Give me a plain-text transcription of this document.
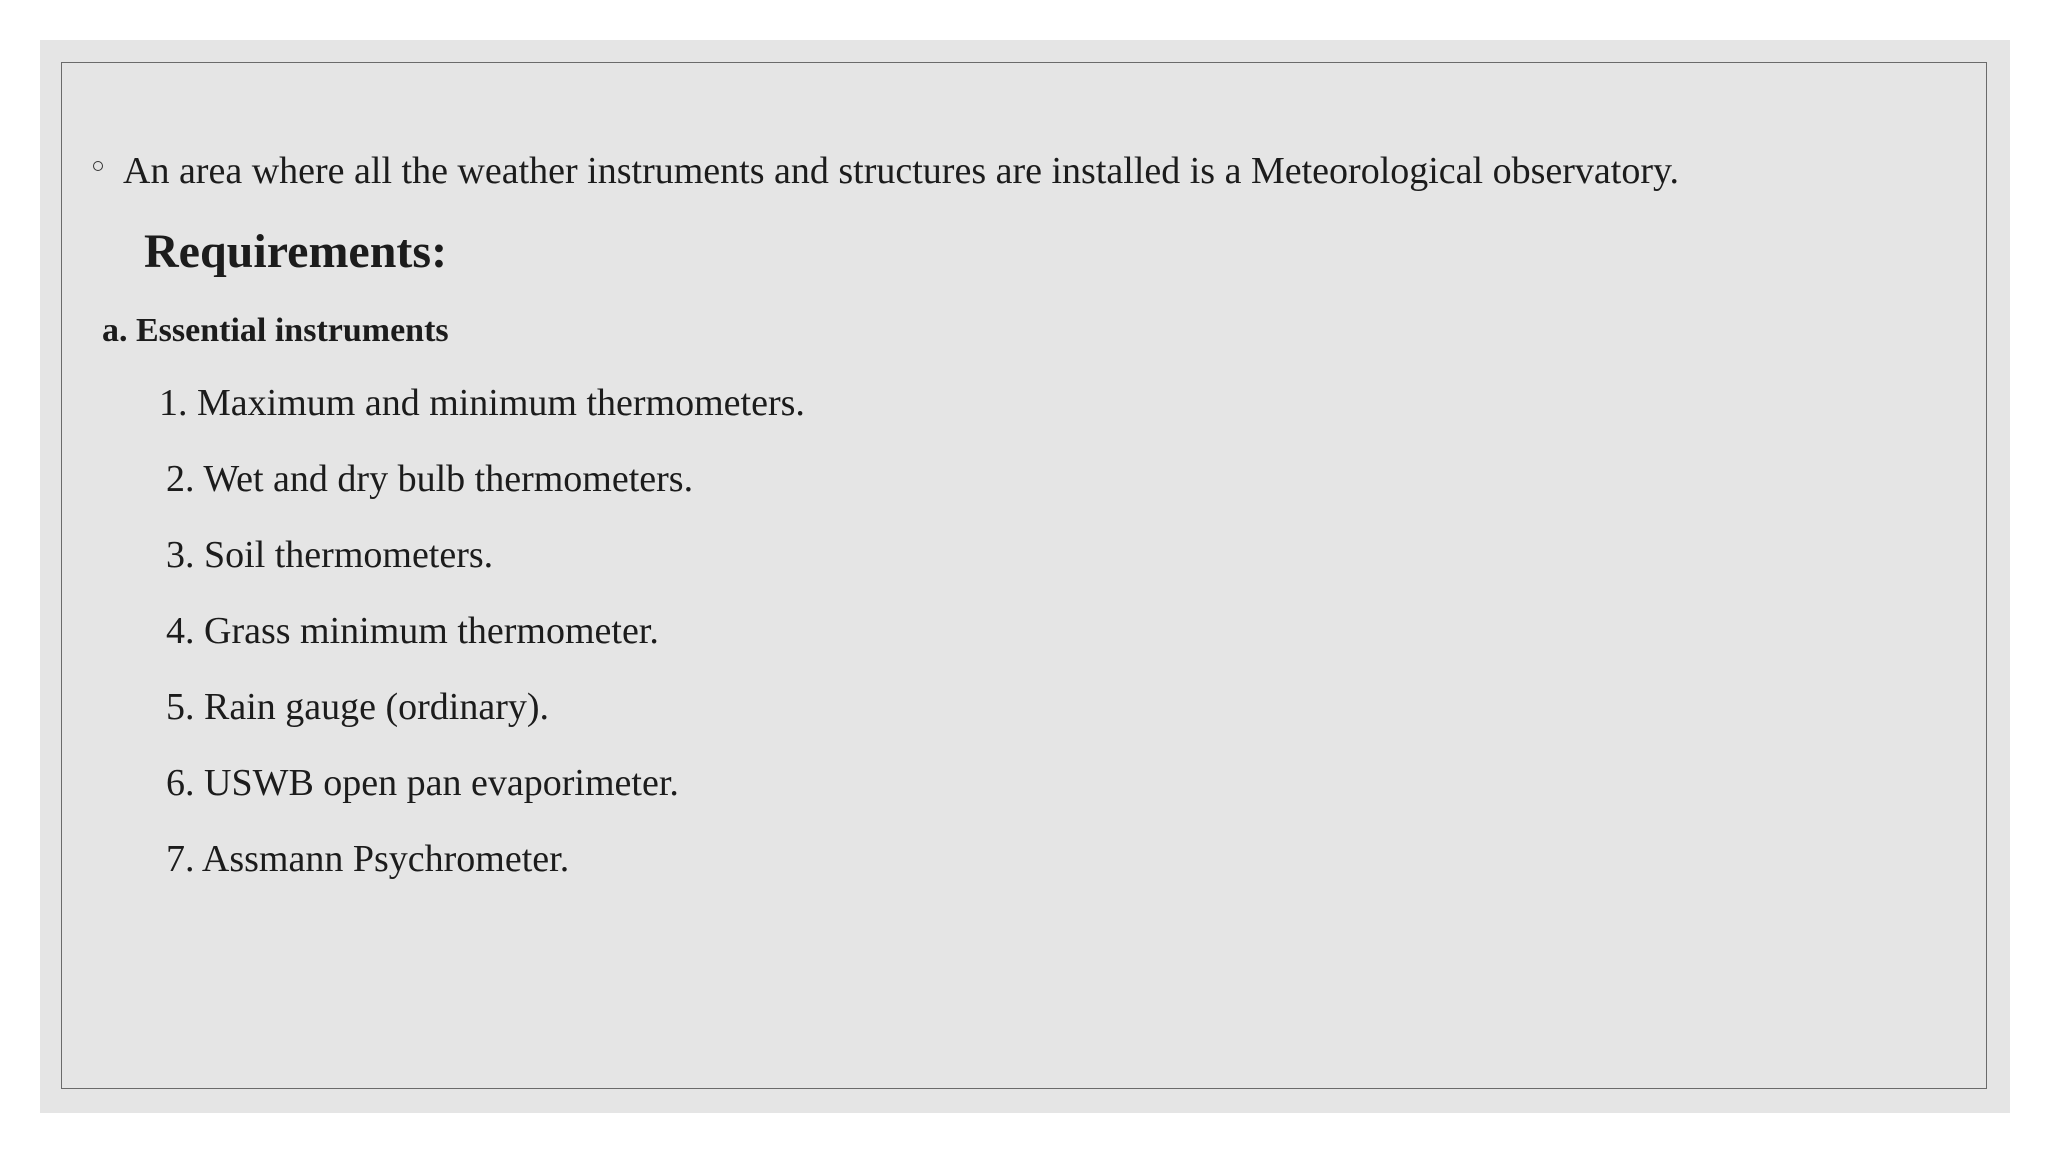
An area where all the weather instruments and structures are installed is a Meteorological observatory.
Requirements:
a. Essential instruments
1. Maximum and minimum thermometers.
2. Wet and dry bulb thermometers.
3. Soil thermometers.
4. Grass minimum thermometer.
5. Rain gauge (ordinary).
6. USWB open pan evaporimeter.
7. Assmann Psychrometer.
